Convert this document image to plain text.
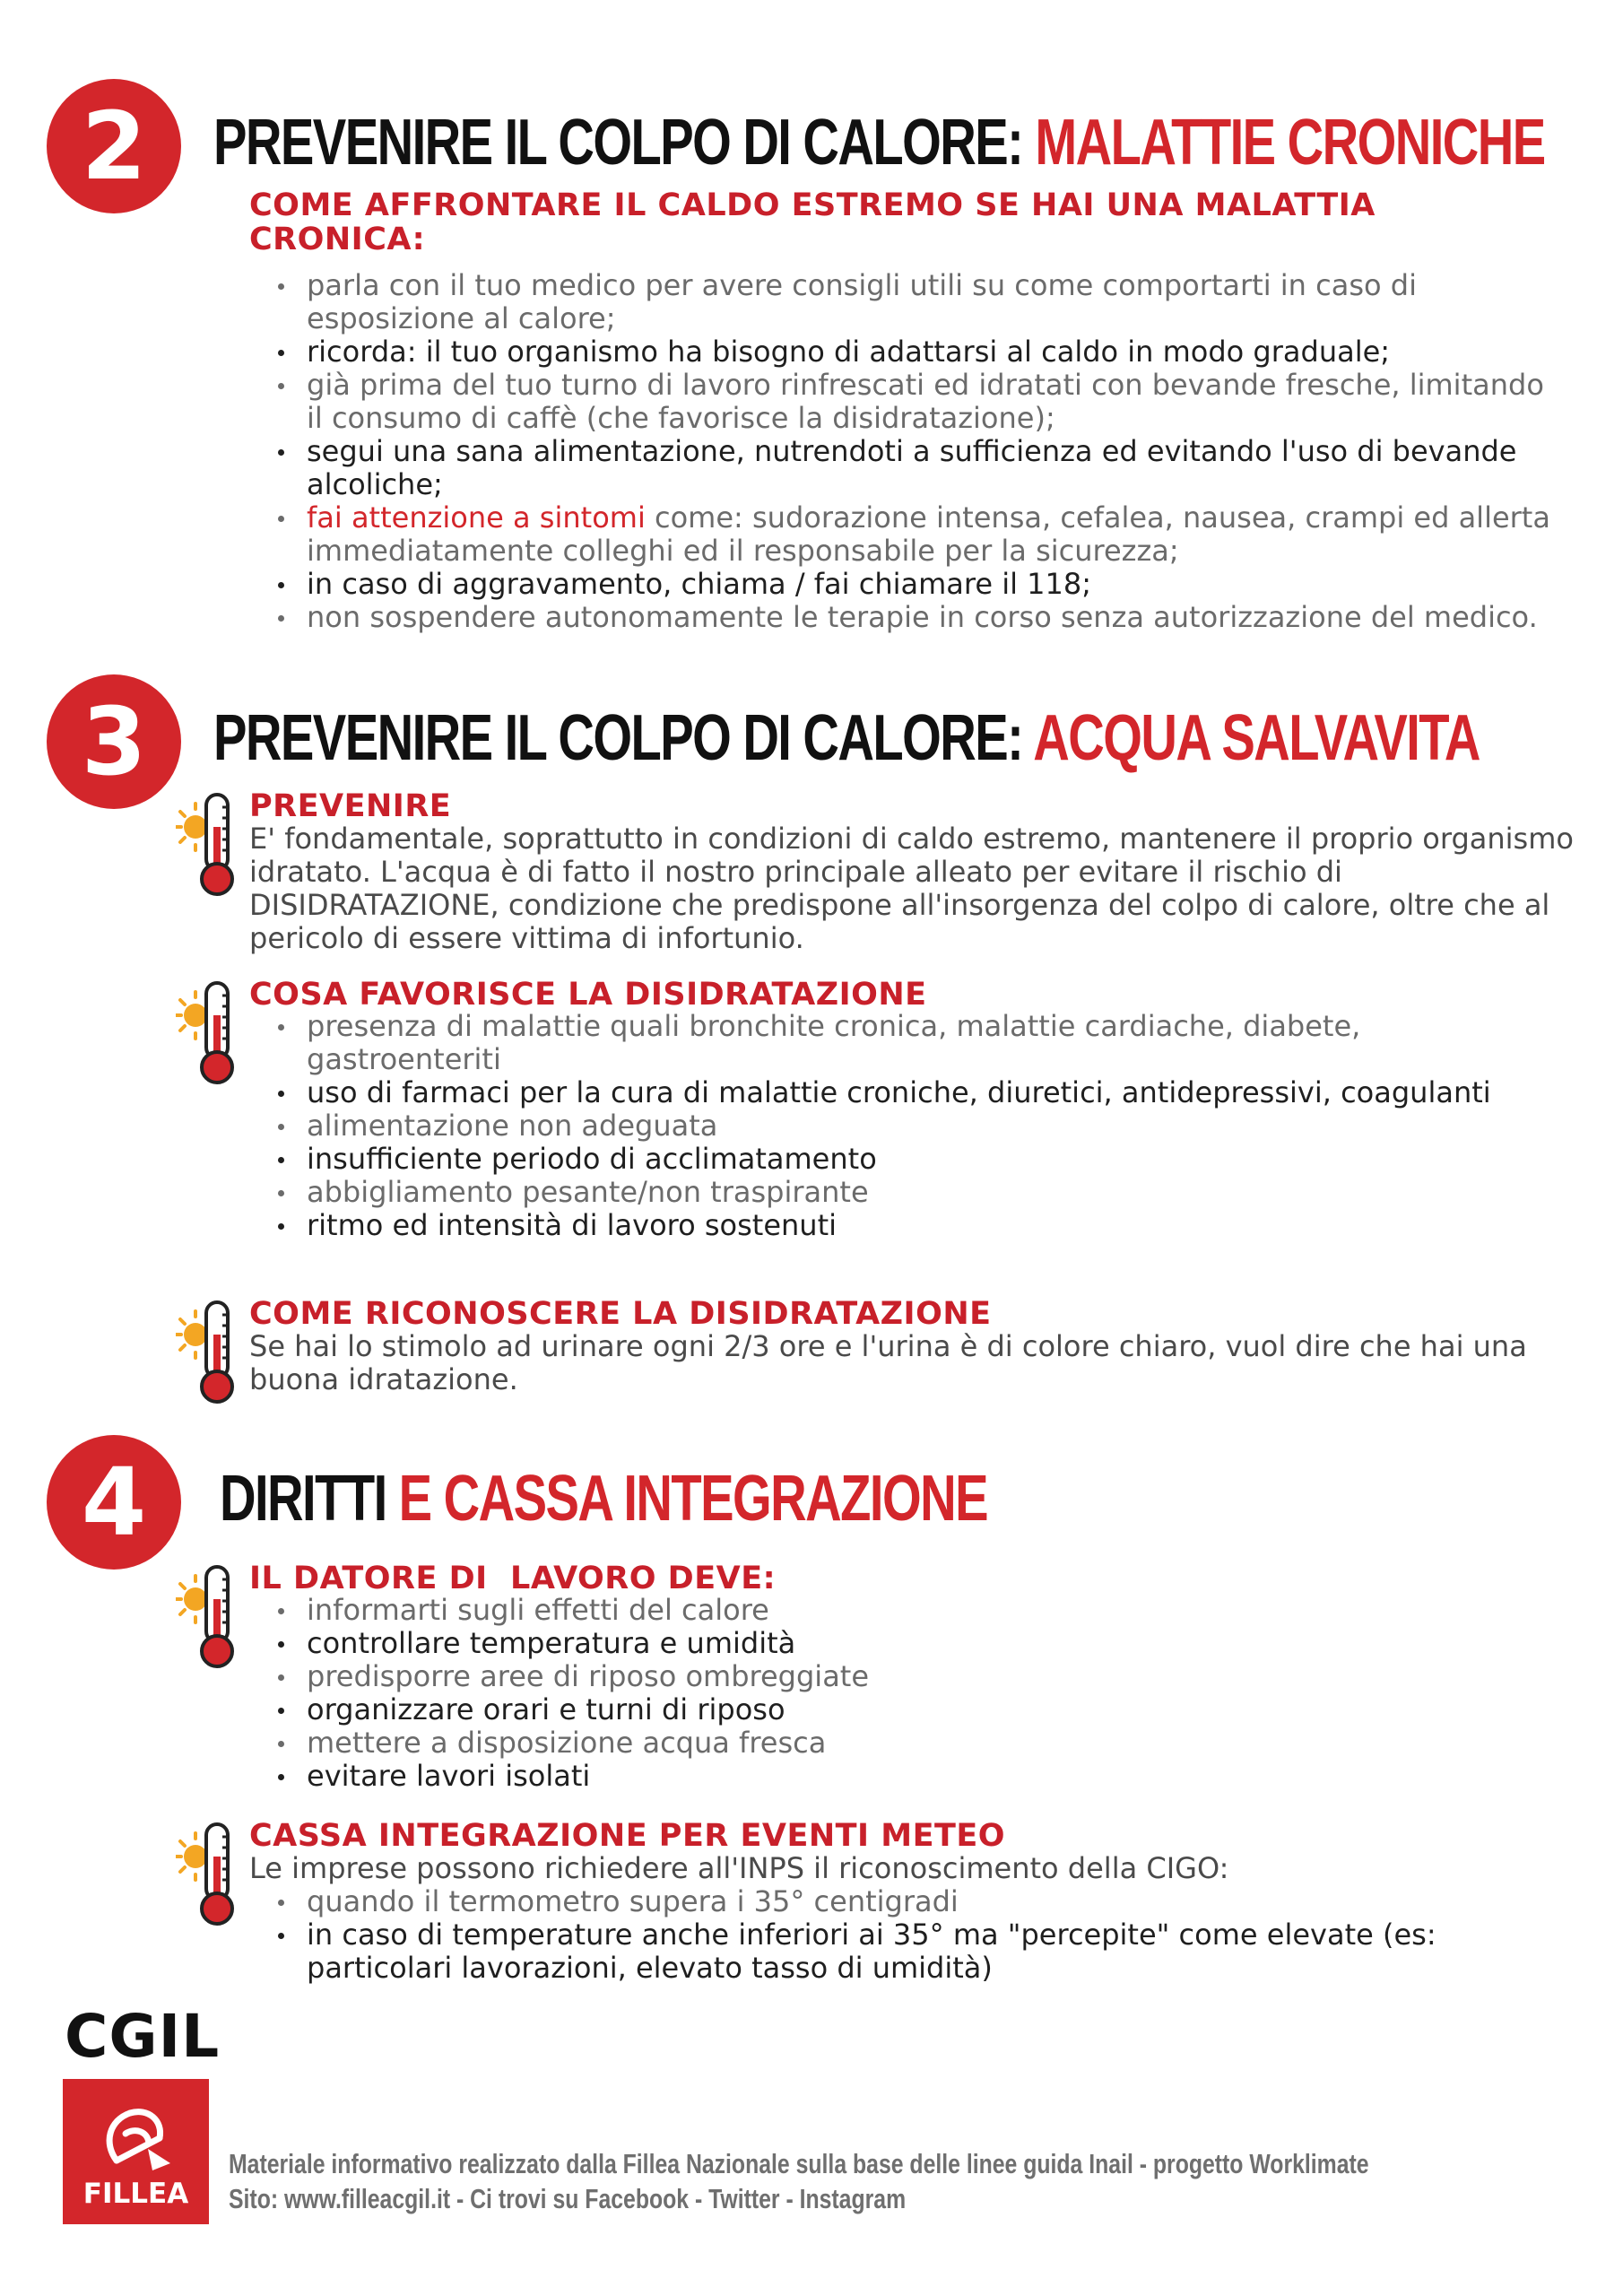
2	PREVENIRE IL COLPO DI CALORE: MALATTIE CRONICHE
COME AFFRONTARE IL CALDO ESTREMO SE HAI UNA MALATTIA CRONICA:
parla con il tuo medico per avere consigli utili su come comportarti in caso di esposizione al calore;
ricorda: il tuo organismo ha bisogno di adattarsi al caldo in modo graduale;
già prima del tuo turno di lavoro rinfrescati ed idratati con bevande fresche, limitando il consumo di caffè (che favorisce la disidratazione);
segui una sana alimentazione, nutrendoti a sufficienza ed evitando l'uso di bevande alcoliche;
fai attenzione a sintomi come: sudorazione intensa, cefalea, nausea, crampi ed allerta immediatamente colleghi ed il responsabile per la sicurezza;
in caso di aggravamento, chiama / fai chiamare il 118;
non sospendere autonomamente le terapie in corso senza autorizzazione del medico.
3	PREVENIRE IL COLPO DI CALORE: ACQUA SALVAVITA
PREVENIRE
E' fondamentale, soprattutto in condizioni di caldo estremo, mantenere il proprio organismo idratato. L'acqua è di fatto il nostro principale alleato per evitare il rischio di DISIDRATAZIONE, condizione che predispone all'insorgenza del colpo di calore, oltre che al pericolo di essere vittima di infortunio.
COSA FAVORISCE LA DISIDRATAZIONE
presenza di malattie quali bronchite cronica, malattie cardiache, diabete, gastroenteriti
uso di farmaci per la cura di malattie croniche, diuretici, antidepressivi, coagulanti
alimentazione non adeguata
insufficiente periodo di acclimatamento
abbigliamento pesante/non traspirante
ritmo ed intensità di lavoro sostenuti
COME RICONOSCERE LA DISIDRATAZIONE
Se hai lo stimolo ad urinare ogni 2/3 ore e l'urina è di colore chiaro, vuol dire che hai una buona idratazione.
4	DIRITTI E CASSA INTEGRAZIONE
IL DATORE DI  LAVORO DEVE:
informarti sugli effetti del calore
controllare temperatura e umidità
predisporre aree di riposo ombreggiate
organizzare orari e turni di riposo
mettere a disposizione acqua fresca
evitare lavori isolati
CASSA INTEGRAZIONE PER EVENTI METEO
Le imprese possono richiedere all'INPS il riconoscimento della CIGO:
quando il termometro supera i 35° centigradi
in caso di temperature anche inferiori ai 35° ma "percepite" come elevate (es: particolari lavorazioni, elevato tasso di umidità)
CGIL
FILLEA
Materiale informativo realizzato dalla Fillea Nazionale sulla base delle linee guida Inail - progetto Worklimate
Sito: www.filleacgil.it - Ci trovi su Facebook - Twitter - Instagram
